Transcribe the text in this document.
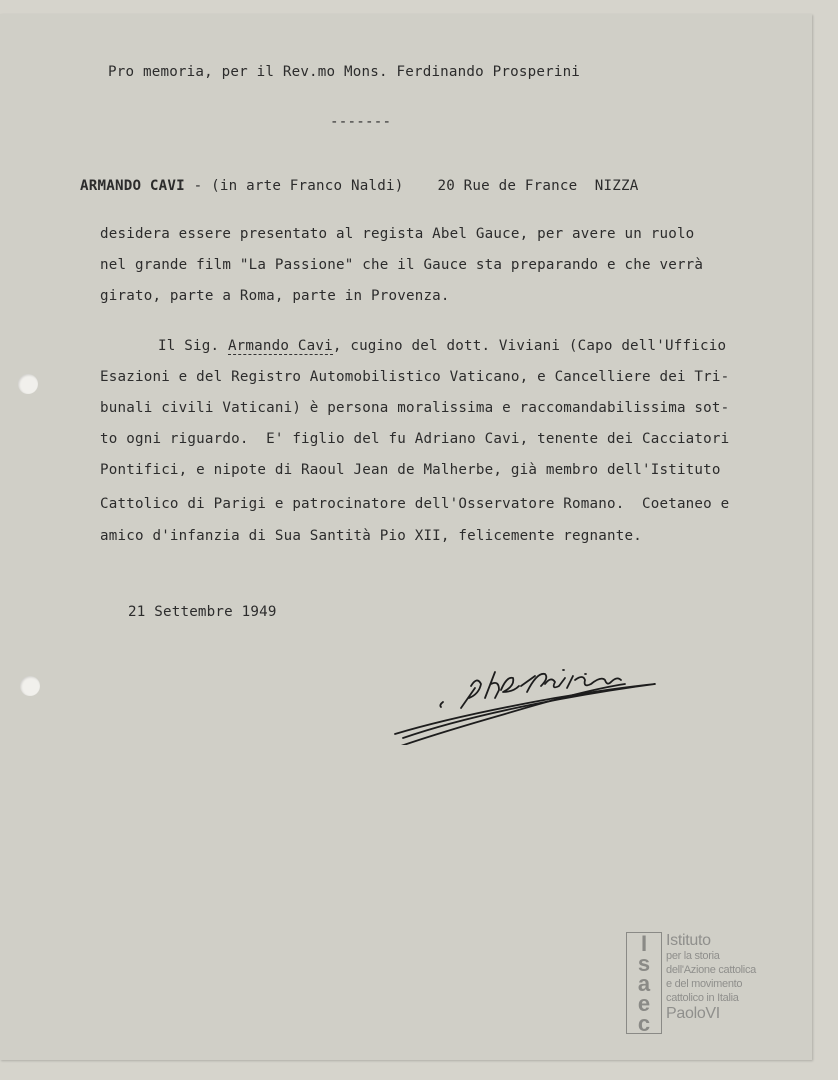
Pro memoria, per il Rev.mo Mons. Ferdinando Prosperini
-------
ARMANDO CAVI - (in arte Franco Naldi) 20 Rue de France  NIZZA
desidera essere presentato al regista Abel Gauce, per avere un ruolo
nel grande film "La Passione" che il Gauce sta preparando e che verrà
girato, parte a Roma, parte in Provenza.
Il Sig. Armando Cavi, cugino del dott. Viviani (Capo dell'Ufficio
Esazioni e del Registro Automobilistico Vaticano, e Cancelliere dei Tri-
bunali civili Vaticani) è persona moralissima e raccomandabilissima sot-
to ogni riguardo.  E' figlio del fu Adriano Cavi, tenente dei Cacciatori
Pontifici, e nipote di Raoul Jean de Malherbe, già membro dell'Istituto
Cattolico di Parigi e patrocinatore dell'Osservatore Romano.  Coetaneo e
amico d'infanzia di Sua Santità Pio XII, felicemente regnante.
21 Settembre 1949
I
s
a
e
c
Istituto
per la storia
dell'Azione cattolica
e del movimento
cattolico in Italia
PaoloVI
